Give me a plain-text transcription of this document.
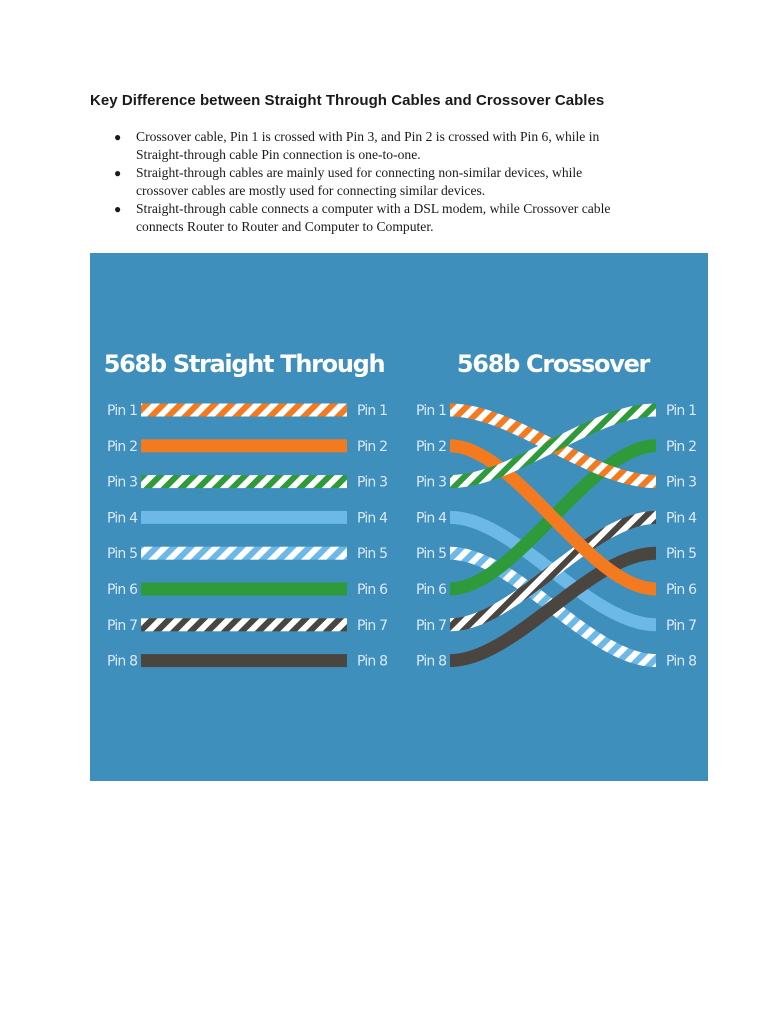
Key Difference between Straight Through Cables and Crossover Cables
● Crossover cable, Pin 1 is crossed with Pin 3, and Pin 2 is crossed with Pin 6, while in
Straight-through cable Pin connection is one-to-one.
● Straight-through cables are mainly used for connecting non-similar devices, while
crossover cables are mostly used for connecting similar devices.
● Straight-through cable connects a computer with a DSL modem, while Crossover cable
connects Router to Router and Computer to Computer.
568b Straight Through	568b Crossover
Pin 1
Pin 2
Pin 3
Pin 4
Pin 5
Pin 6
Pin 7
Pin 8
Pin 1
Pin 2
Pin 3
Pin 4
Pin 5
Pin 6
Pin 7
Pin 8
Pin 1
Pin 2
Pin 3
Pin 4
Pin 5
Pin 6
Pin 7
Pin 8
Pin 1
Pin 2
Pin 3
Pin 4
Pin 5
Pin 6
Pin 7
Pin 8
